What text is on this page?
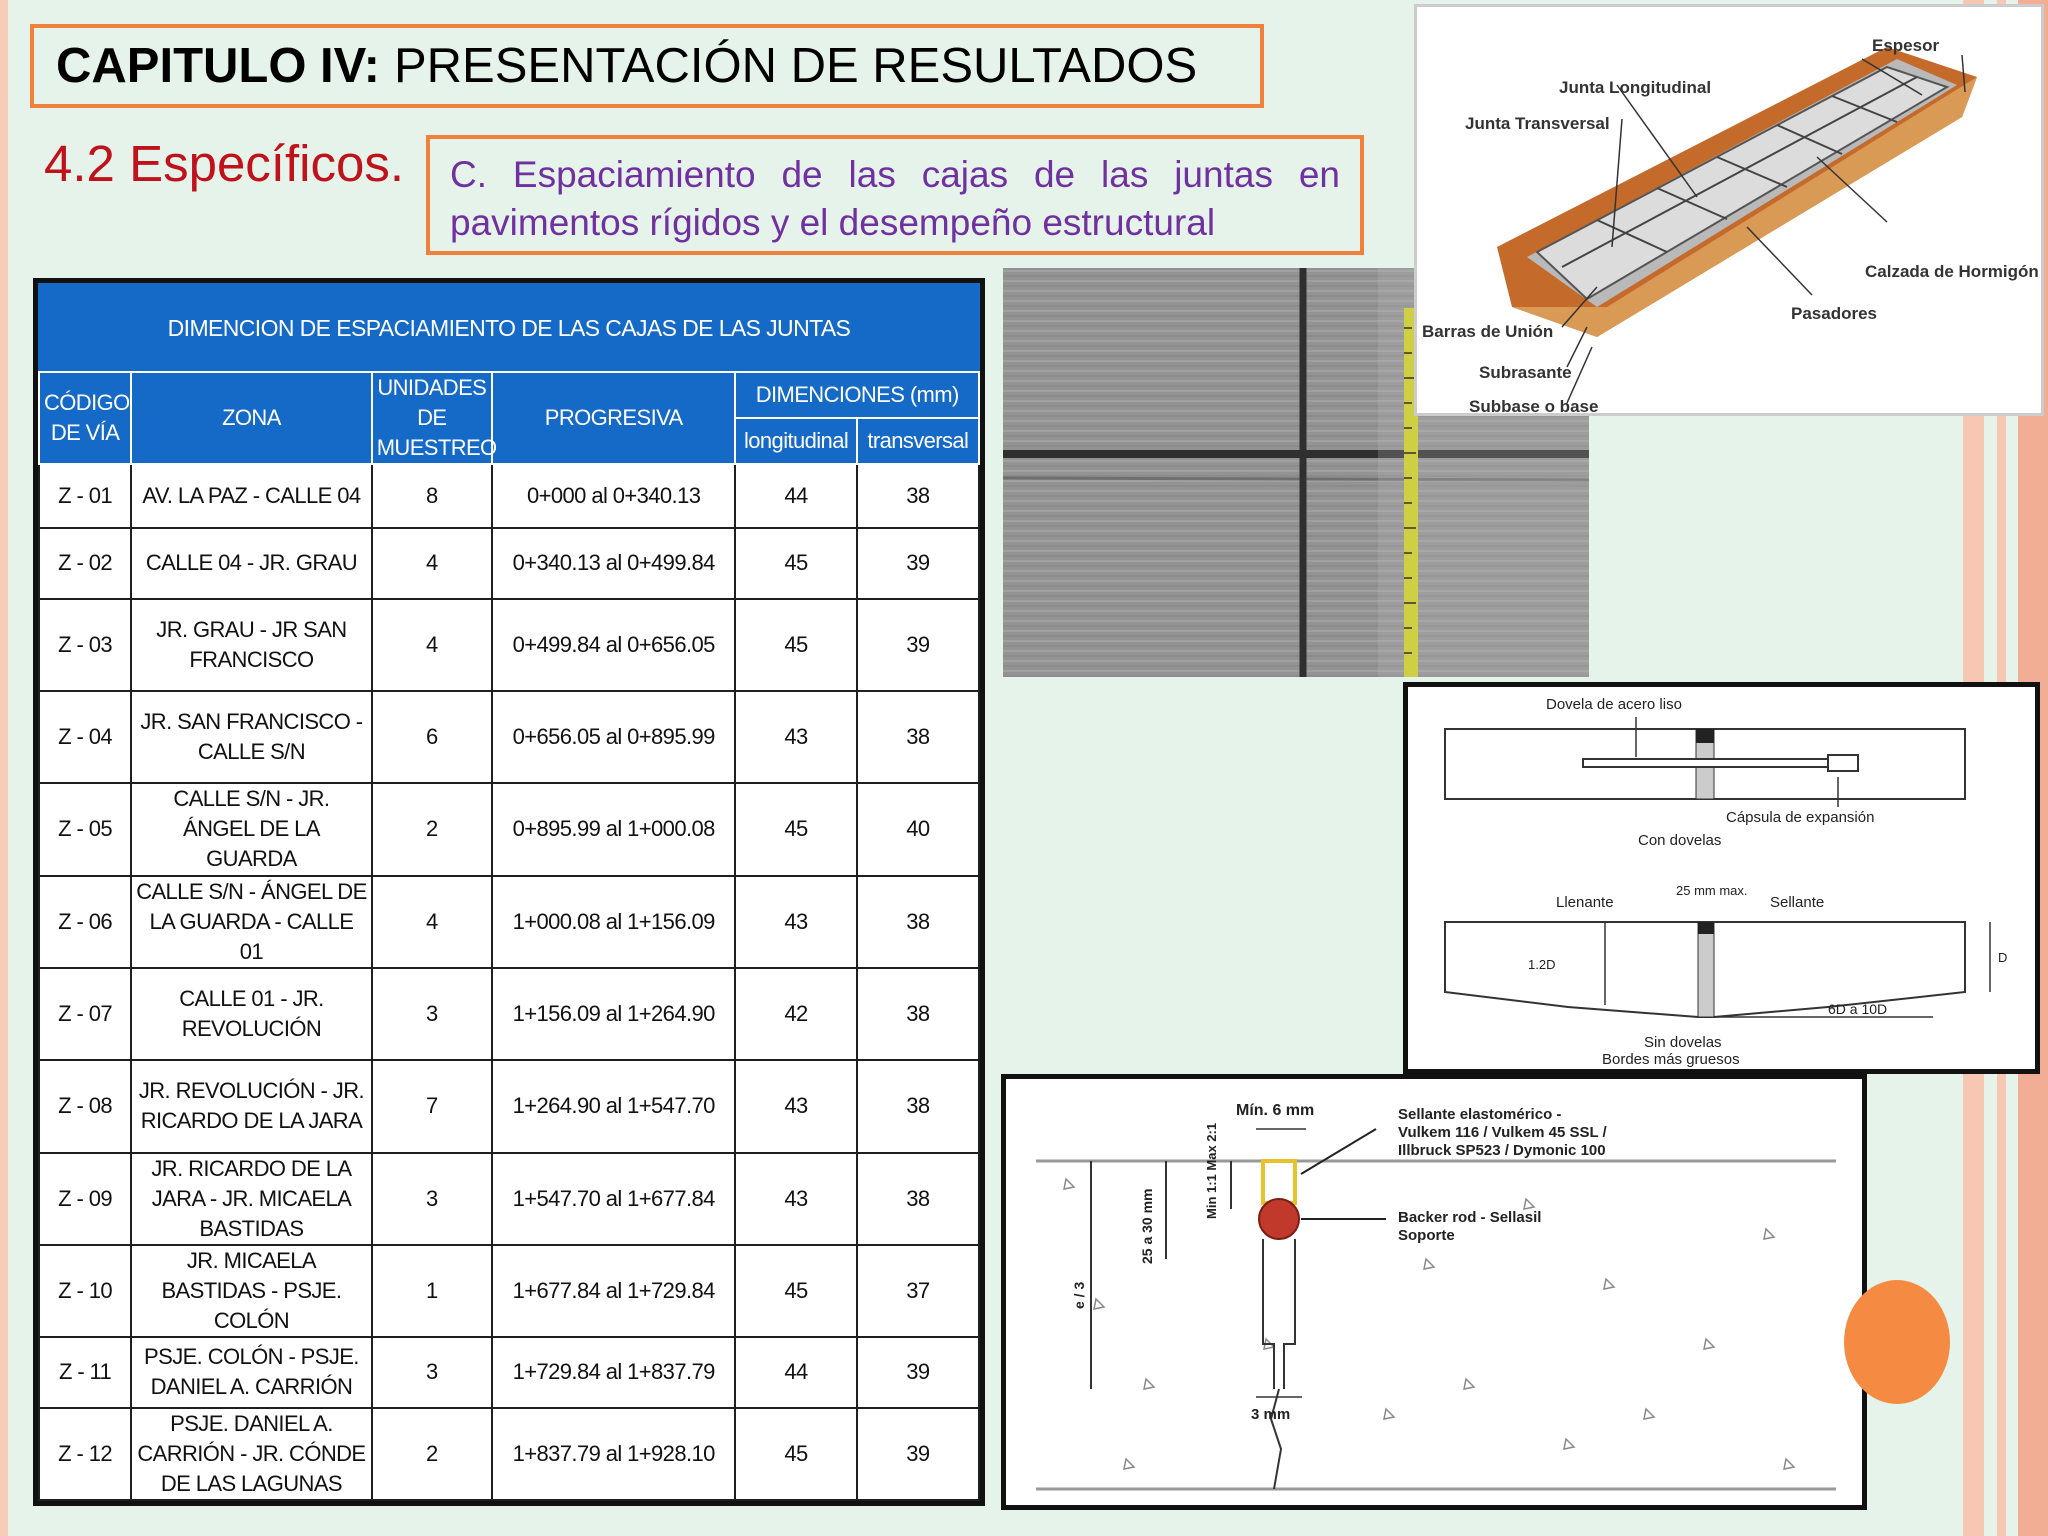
CAPITULO IV: PRESENTACIÓN DE RESULTADOS
4.2 Específicos.	C. Espaciamiento de las cajas de las juntas en pavimentos rígidos y el desempeño estructural
DIMENCION DE ESPACIAMIENTO DE LAS CAJAS DE LAS JUNTAS					
CÓDIGO DE VÍA	ZONA	UNIDADES DE MUESTREO	PROGRESIVA	DIMENCIONES (mm)	
				longitudinal	transversal
Z - 01	AV. LA PAZ - CALLE 04	8	0+000 al 0+340.13	44	38
Z - 02	CALLE 04 - JR. GRAU	4	0+340.13 al 0+499.84	45	39
Z - 03	JR. GRAU - JR SAN FRANCISCO	4	0+499.84 al 0+656.05	45	39
Z - 04	JR. SAN FRANCISCO - CALLE S/N	6	0+656.05 al 0+895.99	43	38
Z - 05	CALLE S/N - JR. ÁNGEL DE LA GUARDA	2	0+895.99 al 1+000.08	45	40
Z - 06	CALLE S/N - ÁNGEL DE LA GUARDA - CALLE 01	4	1+000.08 al 1+156.09	43	38
Z - 07	CALLE 01 - JR. REVOLUCIÓN	3	1+156.09 al 1+264.90	42	38
Z - 08	JR. REVOLUCIÓN - JR. RICARDO DE LA JARA	7	1+264.90 al 1+547.70	43	38
Z - 09	JR. RICARDO DE LA JARA - JR. MICAELA BASTIDAS	3	1+547.70 al 1+677.84	43	38
Z - 10	JR. MICAELA BASTIDAS - PSJE. COLÓN	1	1+677.84 al 1+729.84	45	37
Z - 11	PSJE. COLÓN - PSJE. DANIEL A. CARRIÓN	3	1+729.84 al 1+837.79	44	39
Z - 12	PSJE. DANIEL A. CARRIÓN - JR. CÓNDE DE LAS LAGUNAS	2	1+837.79 al 1+928.10	45	39
Espesor
Junta Longitudinal
Junta Transversal
Calzada de Hormigón
Pasadores
Barras de Unión
Subrasante
Subbase o base
Dovela de acero liso
Cápsula de expansión
Con dovelas
Llenante
25 mm max.
Sellante
1.2D	D
6D a 10D
Sin dovelas
Bordes más gruesos
Mín. 6 mm	Sellante elastomérico -
Vulkem 116 / Vulkem 45 SSL /
Illbruck SP523 / Dymonic 100
Backer rod - Sellasil
Soporte
25 a 30 mm
Min 1:1 Max 2:1
e / 3
3 mm
